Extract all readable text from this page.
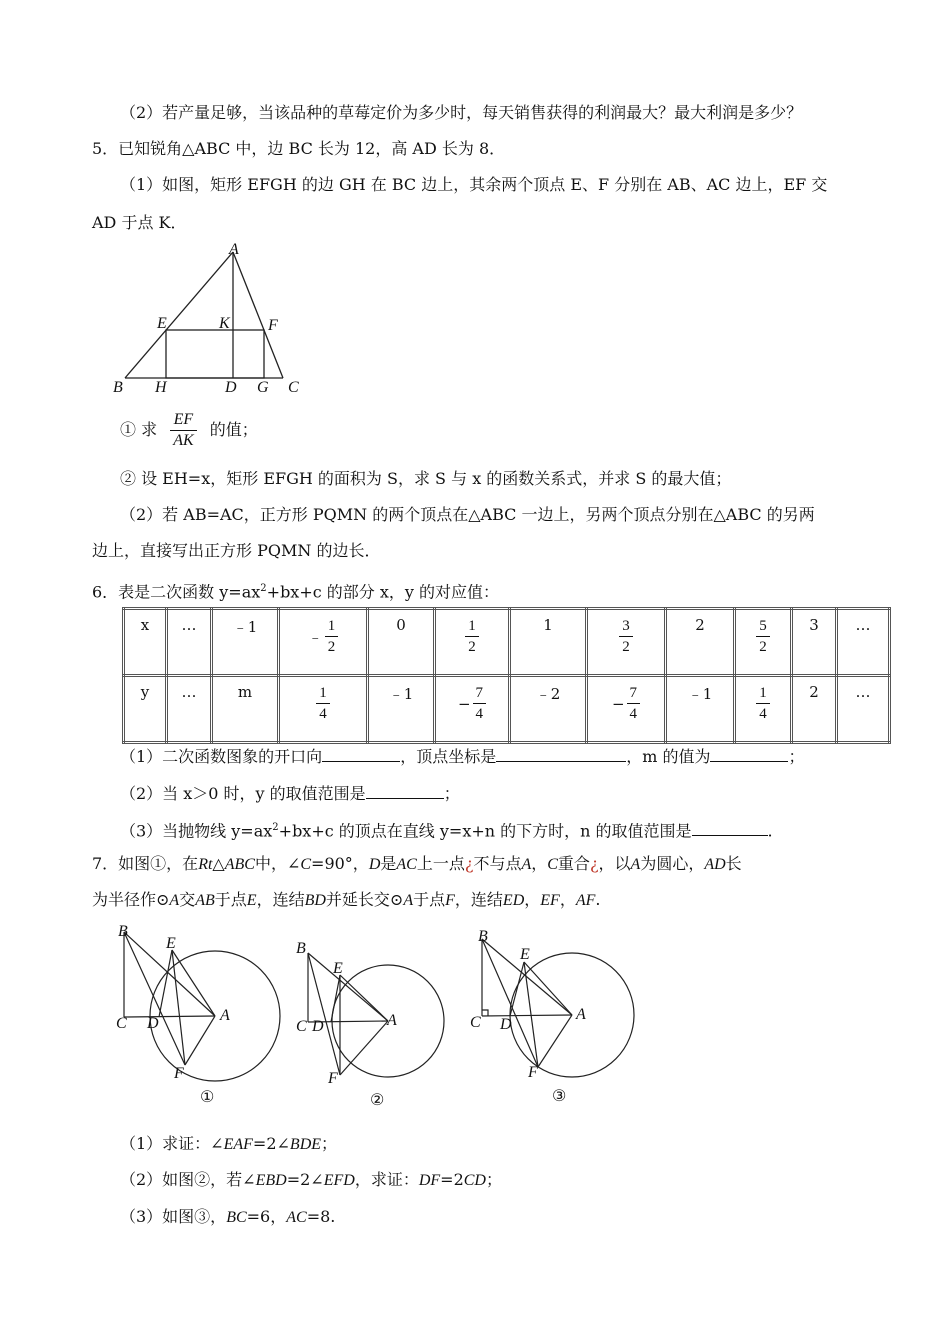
（2）若产量足够，当该品种的草莓定价为多少时，每天销售获得的利润最大？最大利润是多少？
5．已知锐角△ABC 中，边 BC 长为 12，高 AD 长为 8．
（1）如图，矩形 EFGH 的边 GH 在 BC 边上，其余两个顶点 E、F 分别在 AB、AC 边上，EF 交
AD 于点 K．
A
E	K F
B H	D G C
① 求 $\frac{EF}{AK}$ 的值；
② 设 EH=x，矩形 EFGH 的面积为 S，求 S 与 x 的函数关系式，并求 S 的最大值；
（2）若 AB=AC，正方形 PQMN 的两个顶点在△ABC 一边上，另两个顶点分别在△ABC 的另两
边上，直接写出正方形 PQMN 的边长．
6．表是二次函数 $y=ax^2+bx+c$ 的部分 x，y 的对应值：
x	…	﹣1	﹣ $\frac{1}{2}$	0	$\frac{1}{2}$	1	$\frac{3}{2}$	2	$\frac{5}{2}$	3	…
y	…	m	$\frac{1}{4}$	﹣1	− $\frac{7}{4}$	﹣2	− $\frac{7}{4}$	﹣1	$\frac{1}{4}$	2	…
（1）二次函数图象的开口向	，顶点坐标是	，m 的值为	；
（2）当 x＞0 时，y 的取值范围是	；
（3）当抛物线 $y=ax^2+bx+c$ 的顶点在直线 y=x+n 的下方时，n 的取值范围是	.
7．如图①，在Rt△ABC中，∠C=90°，D是AC上一点¿不与点A，C重合¿，以A为圆心，AD长
为半径作⊙A交AB于点E，连结BD并延长交⊙A于点F，连结ED，EF，AF.
B
E
C D	A
F
①
B
E
C D	A
F
②
B
E
C D
A
F
③
（1）求证：∠EAF=2∠BDE；
（2）如图②，若∠EBD=2∠EFD，求证：DF=2CD；
（3）如图③，BC=6，AC=8.
